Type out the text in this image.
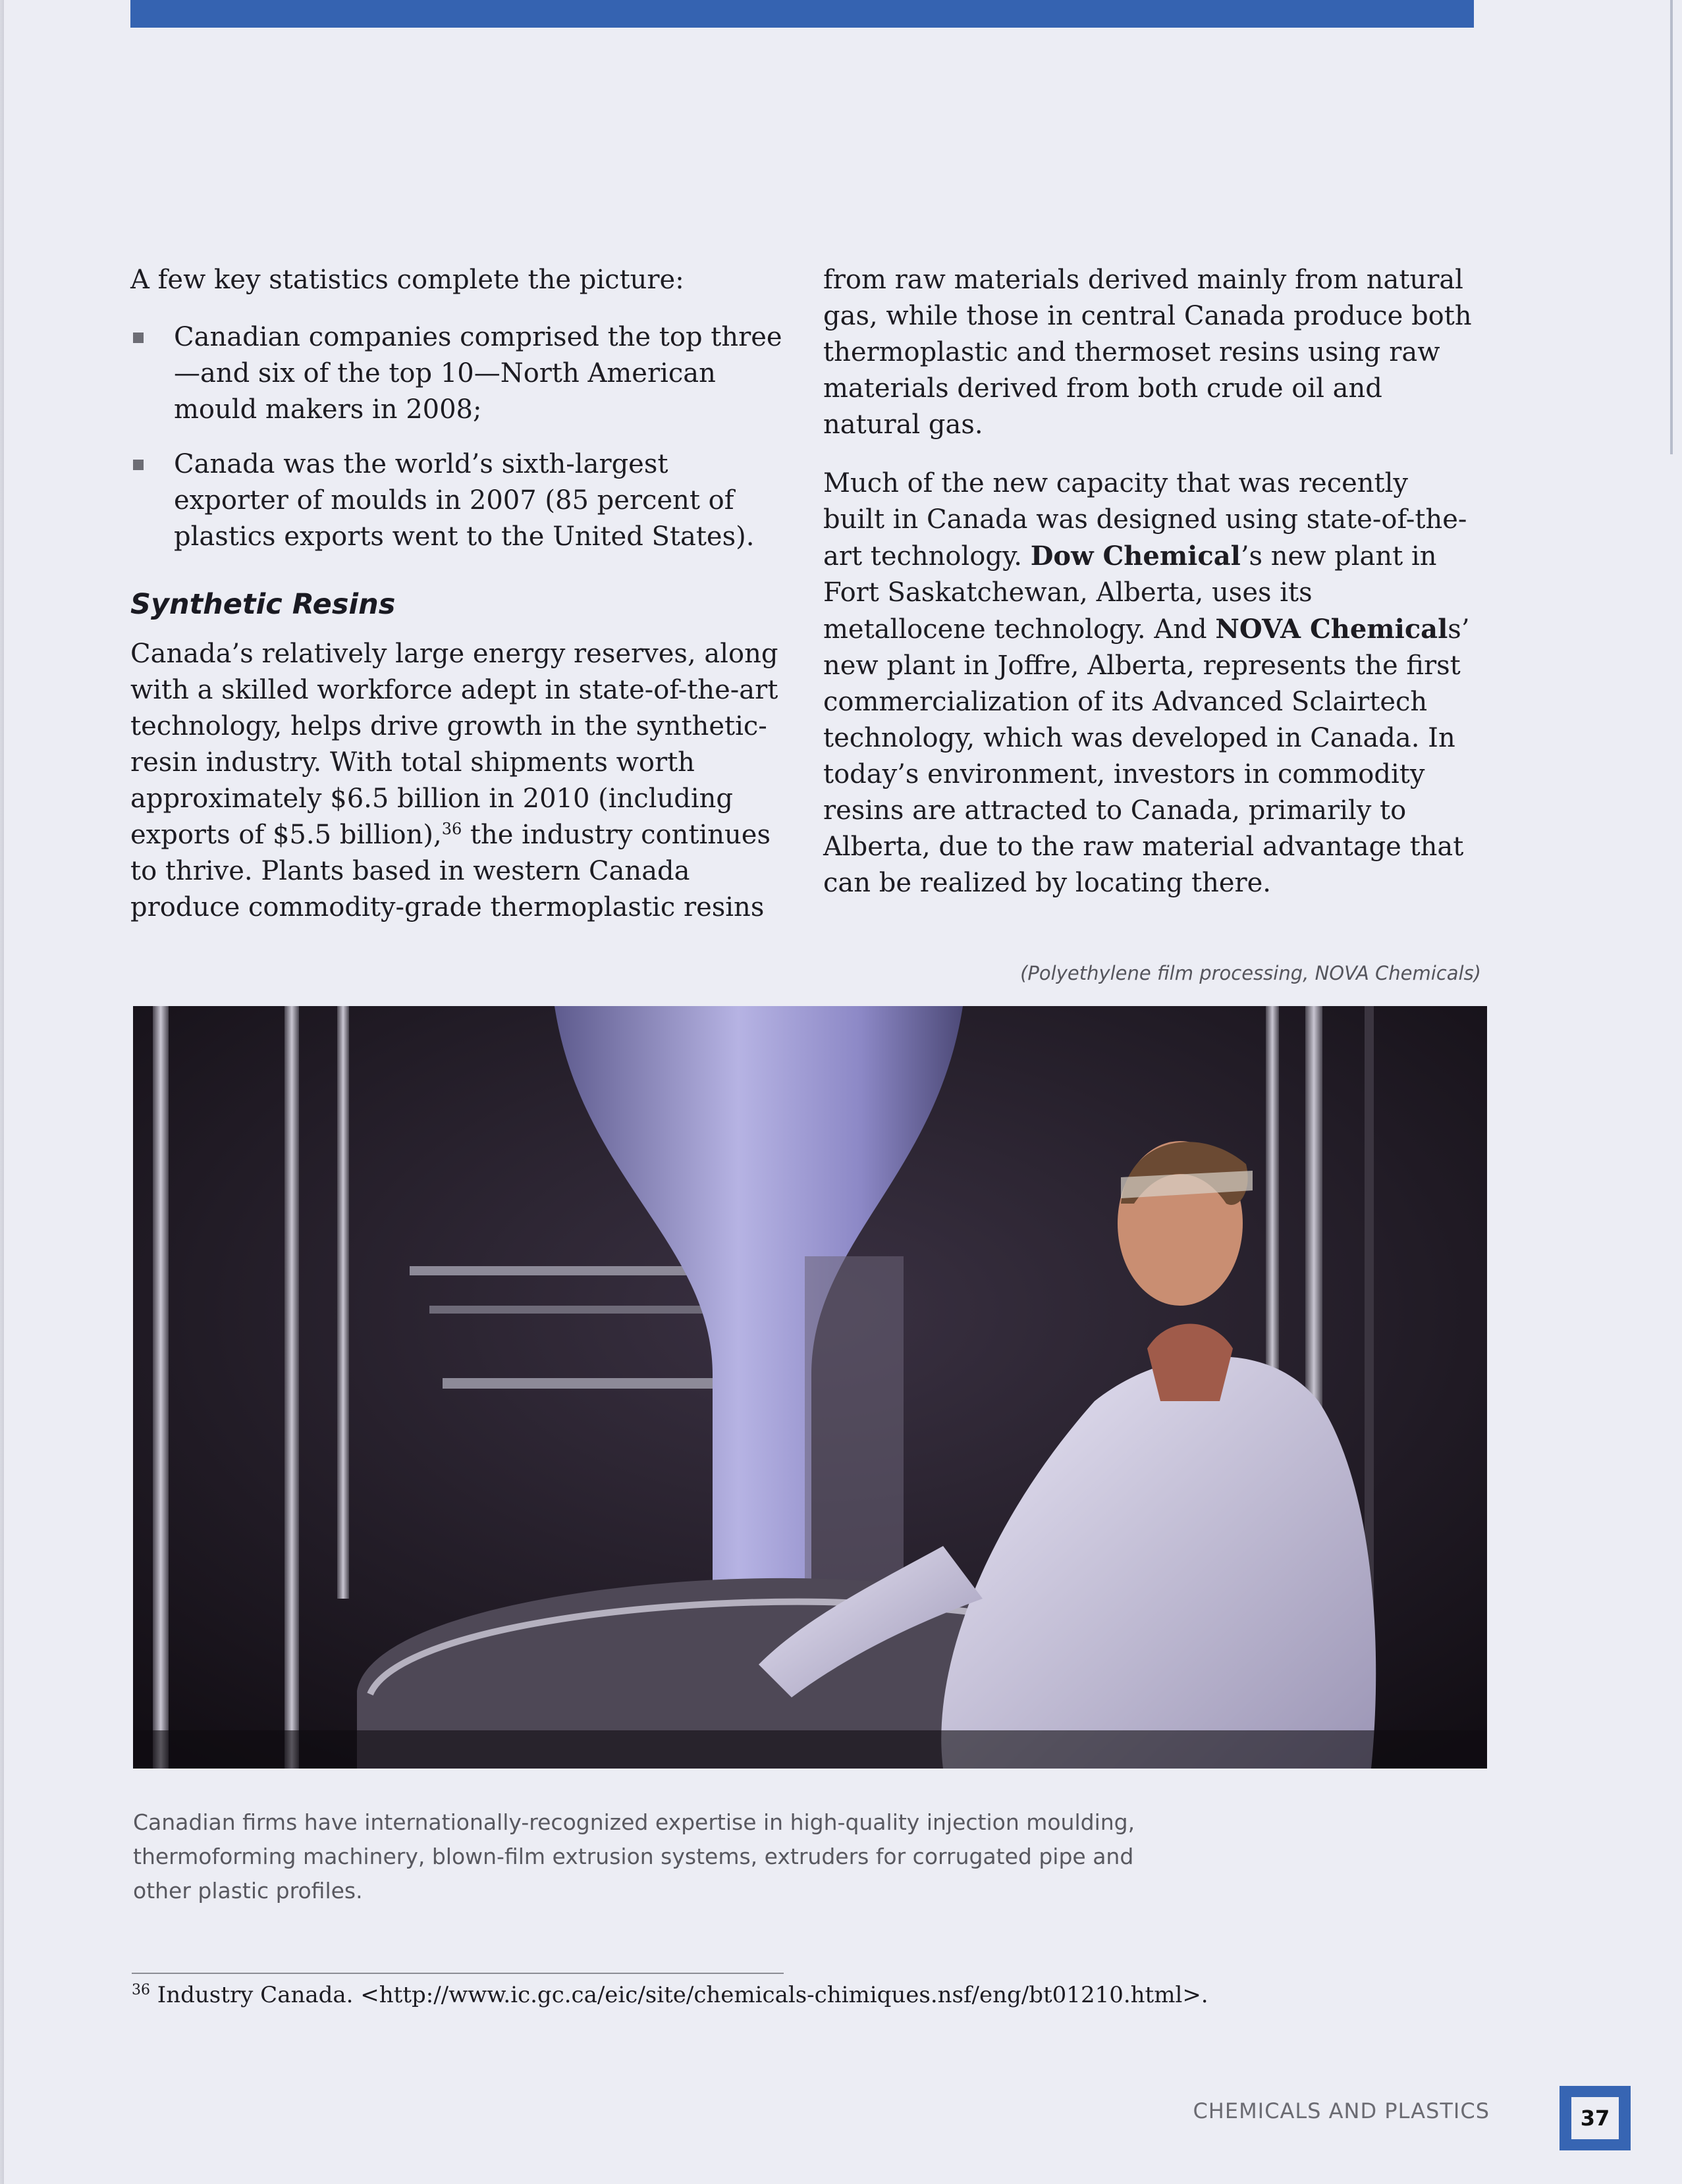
A few key statistics complete the picture:

Canadian companies comprised the top three—and six of the top 10—North American mould makers in 2008;
Canada was the world’s sixth-largest exporter of moulds in 2007 (85 percent of plastics exports went to the United States).

Synthetic Resins

Canada’s relatively large energy reserves, along with a skilled workforce adept in state-of-the-art technology, helps drive growth in the synthetic-resin industry. With total shipments worth approximately $6.5 billion in 2010 (including exports of $5.5 billion),$^{36}$ the industry continues to thrive. Plants based in western Canada produce commodity-grade thermoplastic resins

from raw materials derived mainly from natural gas, while those in central Canada produce both thermoplastic and thermoset resins using raw materials derived from both crude oil and natural gas.

Much of the new capacity that was recently built in Canada was designed using state-of-the-art technology. Dow Chemical’s new plant in Fort Saskatchewan, Alberta, uses its metallocene technology. And NOVA Chemicals’ new plant in Joffre, Alberta, represents the first commercialization of its Advanced Sclairtech technology, which was developed in Canada. In today’s environment, investors in commodity resins are attracted to Canada, primarily to Alberta, due to the raw material advantage that can be realized by locating there.

(Polyethylene film processing, NOVA Chemicals)
Canadian firms have internationally-recognized expertise in high-quality injection moulding, thermoforming machinery, blown-film extrusion systems, extruders for corrugated pipe and other plastic profiles.
$^{36}$ Industry Canada. <http://www.ic.gc.ca/eic/site/chemicals-chimiques.nsf/eng/bt01210.html>.
CHEMICALS AND PLASTICS	37
